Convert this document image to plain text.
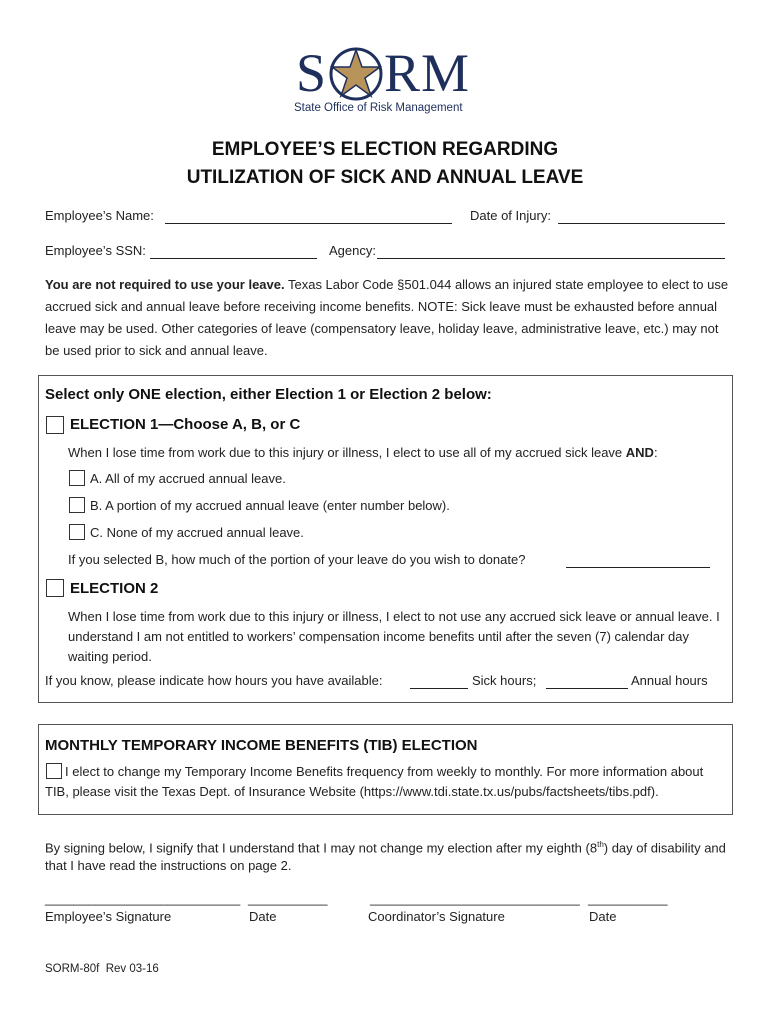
S RM
State Office of Risk Management
EMPLOYEE’S ELECTION REGARDING
UTILIZATION OF SICK AND ANNUAL LEAVE
Employee’s Name:	Date of Injury:
Employee’s SSN:	Agency:
You are not required to use your leave. Texas Labor Code §501.044 allows an injured state employee to elect to use accrued sick and annual leave before receiving income benefits. NOTE: Sick leave must be exhausted before annual leave may be used. Other categories of leave (compensatory leave, holiday leave, administrative leave, etc.) may not be used prior to sick and annual leave.
Select only ONE election, either Election 1 or Election 2 below:
ELECTION 1—Choose A, B, or C
When I lose time from work due to this injury or illness, I elect to use all of my accrued sick leave AND:
A. All of my accrued annual leave.
B. A portion of my accrued annual leave (enter number below).
C. None of my accrued annual leave.
If you selected B, how much of the portion of your leave do you wish to donate?
ELECTION 2
When I lose time from work due to this injury or illness, I elect to not use any accrued sick leave or annual leave. I understand I am not entitled to workers’ compensation income benefits until after the seven (7) calendar day waiting period.
If you know, please indicate how hours you have available:	Sick hours;	Annual hours
MONTHLY TEMPORARY INCOME BENEFITS (TIB) ELECTION
I elect to change my Temporary Income Benefits frequency from weekly to monthly. For more information about
TIB, please visit the Texas Dept. of Insurance Website (https://www.tdi.state.tx.us/pubs/factsheets/tibs.pdf).
By signing below, I signify that I understand that I may not change my election after my eighth (8th) day of disability and
that I have read the instructions on page 2.
___________________________ ___________	_____________________________ ___________
Employee’s Signature	Date	Coordinator’s Signature	Date
SORM-80f  Rev 03-16
